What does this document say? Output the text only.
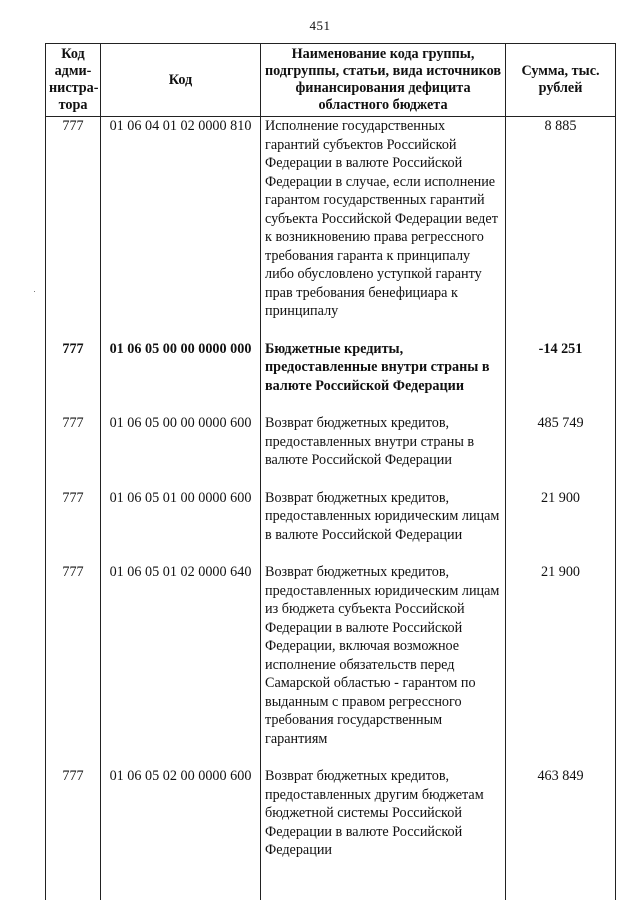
451
Код адми-нистра-тора	Код	Наименование кода группы, подгруппы, статьи, вида источников финансирования дефицита областного бюджета	Сумма, тыс. рублей
777	01 06 04 01 02 0000 810	Исполнение государственных гарантий субъектов Российской Федерации в валюте Российской Федерации в случае, если исполнение гарантом государственных гарантий субъекта Российской Федерации ведет к возникновению права регрессного требования гаранта к принципалу либо обусловлено уступкой гаранту прав требования бенефициара к принципалу	8 885
777	01 06 05 00 00 0000 000	Бюджетные кредиты, предоставленные внутри страны в валюте Российской Федерации	-14 251
777	01 06 05 00 00 0000 600	Возврат бюджетных кредитов, предоставленных внутри страны в валюте Российской Федерации	485 749
777	01 06 05 01 00 0000 600	Возврат бюджетных кредитов, предоставленных юридическим лицам в валюте Российской Федерации	21 900
777	01 06 05 01 02 0000 640	Возврат бюджетных кредитов, предоставленных юридическим лицам из бюджета субъекта Российской Федерации в валюте Российской Федерации, включая возможное исполнение обязательств перед Самарской областью - гарантом по выданным с правом регрессного требования государственным гарантиям	21 900
777	01 06 05 02 00 0000 600	Возврат бюджетных кредитов, предоставленных другим бюджетам бюджетной системы Российской Федерации в валюте Российской Федерации	463 849
